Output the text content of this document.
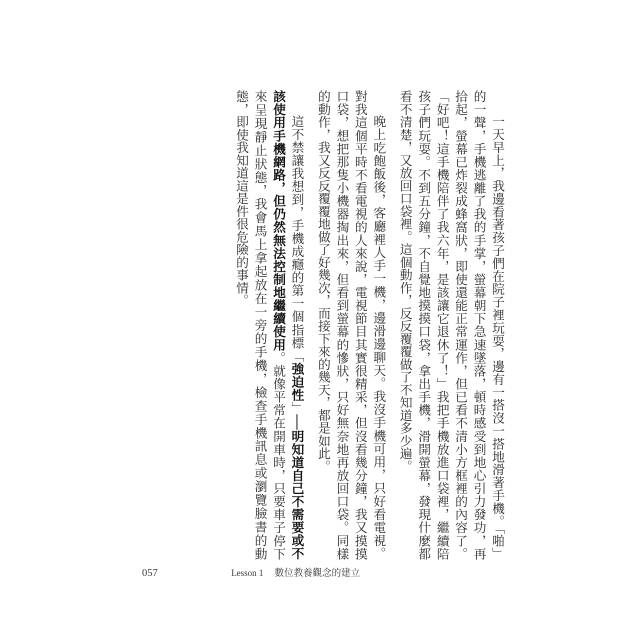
一天早上，我邊看著孩子們在院子裡玩耍，邊有一搭沒一搭地滑著手機。「啪」的一聲，手機逃離了我的手掌，螢幕朝下急速墜落，頓時感受到地心引力發功，再拾起，螢幕已炸裂成蜂窩狀，即使還能正常運作，但已看不清小方框裡的內容了。「好吧！這手機陪伴了我六年，是該讓它退休了！」我把手機放進口袋裡，繼續陪孩子們玩耍。不到五分鐘，不自覺地摸摸口袋，拿出手機，滑開螢幕，發現什麼都看不清楚，又放回口袋裡。這個動作，反反覆覆做了不知道多少遍。

晚上吃飽飯後，客廳裡人手一機，邊滑邊聊天。我沒手機可用，只好看電視。對我這個平時不看電視的人來說，電視節目其實很精采，但沒看幾分鐘，我又摸摸口袋，想把那隻小機器掏出來，但看到螢幕的慘狀，只好無奈地再放回口袋。同樣的動作，我又反反覆覆地做了好幾次，而接下來的幾天，都是如此。

這不禁讓我想到，手機成癮的第一個指標「強迫性」──明知道自己不需要或不該使用手機網路，但仍然無法控制地繼續使用。就像平常在開車時，只要車子停下來呈現靜止狀態，我會馬上拿起放在一旁的手機，檢查手機訊息或瀏覽臉書的動態，即使我知道這是件很危險的事情。

057	Lesson 1 數位教養觀念的建立
